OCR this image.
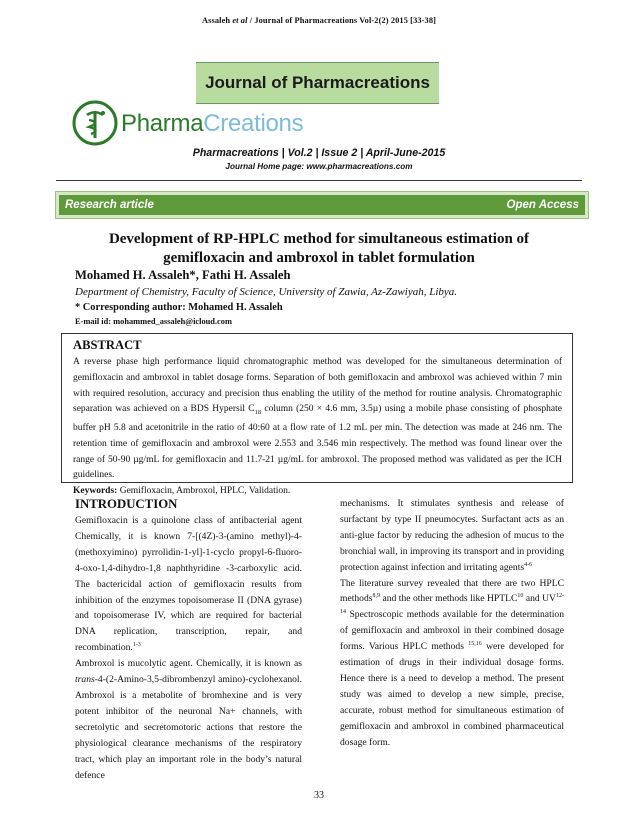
Assaleh et al / Journal of Pharmacreations Vol-2(2) 2015 [33-38]
Journal of Pharmacreations
PharmaCreations
Pharmacreations | Vol.2 | Issue 2 | April-June-2015
Journal Home page: www.pharmacreations.com
Research article	Open Access
Development of RP-HPLC method for simultaneous estimation of
gemifloxacin and ambroxol in tablet formulation
Mohamed H. Assaleh*, Fathi H. Assaleh
Department of Chemistry, Faculty of Science, University of Zawia, Az-Zawiyah, Libya.
* Corresponding author: Mohamed H. Assaleh
E-mail id: mohammed_assaleh@icloud.com
ABSTRACT

A reverse phase high performance liquid chromatographic method was developed for the simultaneous determination of gemifloxacin and ambroxol in tablet dosage forms. Separation of both gemifloxacin and ambroxol was achieved within 7 min with required resolution, accuracy and precision thus enabling the utility of the method for routine analysis. Chromatographic separation was achieved on a BDS Hypersil $C_{18}$ column (250 × 4.6 mm, 3.5µ) using a mobile phase consisting of phosphate buffer pH 5.8 and acetonitrile in the ratio of 40:60 at a flow rate of 1.2 mL per min. The detection was made at 246 nm. The retention time of gemifloxacin and ambroxol were 2.553 and 3.546 min respectively. The method was found linear over the range of 50-90 µg/mL for gemifloxacin and 11.7-21 µg/mL for ambroxol. The proposed method was validated as per the ICH guidelines.

Keywords: Gemifloxacin, Ambroxol, HPLC, Validation.

INTRODUCTION

Gemifloxacin is a quinolone class of antibacterial agent Chemically, it is known 7-[(4Z)-3-(amino methyl)-4-(methoxyimino) pyrrolidin-1-yl]-1-cyclo propyl-6-fluoro-4-oxo-1,4-dihydro-1,8 naphthyridine -3-carboxylic acid. The bactericidal action of gemifloxacin results from inhibition of the enzymes topoisomerase II (DNA gyrase) and topoisomerase IV, which are required for bacterial DNA replication, transcription, repair, and recombination.$^{1-3}$

Ambroxol is mucolytic agent. Chemically, it is known as trans-4-(2-Amino-3,5-dibrombenzyl amino)-cyclohexanol. Ambroxol is a metabolite of bromhexine and is very potent inhibitor of the neuronal Na+ channels, with secretolytic and secretomotoric actions that restore the physiological clearance mechanisms of the respiratory tract, which play an important role in the body’s natural defence

mechanisms. It stimulates synthesis and release of surfactant by type II pneumocytes. Surfactant acts as an anti-glue factor by reducing the adhesion of mucus to the bronchial wall, in improving its transport and in providing protection against infection and irritating agents$^{4-6}$

The literature survey revealed that there are two HPLC methods$^{8,9}$ and the other methods like HPTLC$^{10}$ and UV$^{12-14}$ Spectroscopic methods available for the determination of gemifloxacin and ambroxol in their combined dosage forms. Various HPLC methods $^{15,16}$ were developed for estimation of drugs in their individual dosage forms. Hence there is a need to develop a method. The present study was aimed to develop a new simple, precise, accurate, robust method for simultaneous estimation of gemifloxacin and ambroxol in combined pharmaceutical dosage form.

33
